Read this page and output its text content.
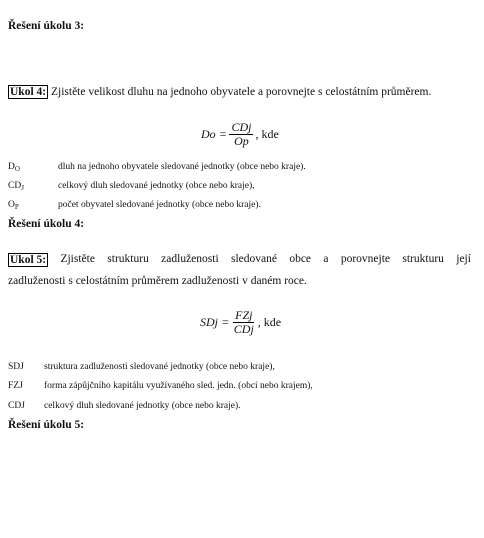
Řešení úkolu 3:
Úkol 4: Zjistěte velikost dluhu na jednoho obyvatele a porovnejte s celostátním průměrem.
$Do = \frac{\text{CDj}}{Op}$ , kde
$D_O$	dluh na jednoho obyvatele sledované jednotky (obce nebo kraje).
$CD_J$	celkový dluh sledované jednotky (obce nebo kraje),
$O_P$	počet obyvatel sledované jednotky (obce nebo kraje).
Řešení úkolu 4:
Úkol 5: Zjistěte strukturu zadluženosti sledované obce a porovnejte strukturu její
zadluženosti s celostátním průměrem zadluženosti v daném roce.
SDj = $\frac{\text{FZj}}{\text{CDj}}$ , kde
SDJ struktura zadluženosti sledované jednotky (obce nebo kraje),
FZJ forma zápůjčního kapitálu využívaného sled. jedn. (obcí nebo krajem),
CDJ celkový dluh sledované jednotky (obce nebo kraje).
Řešení úkolu 5:
